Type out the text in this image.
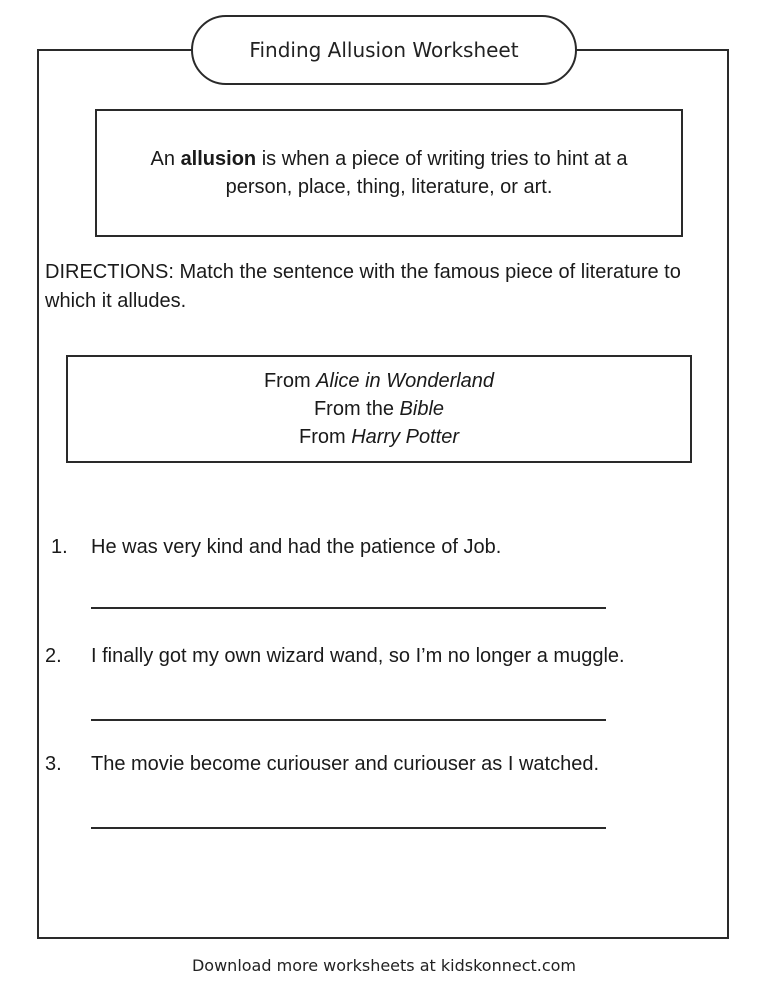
Finding Allusion Worksheet
An allusion is when a piece of writing tries to hint at a
person, place, thing, literature, or art.
DIRECTIONS: Match the sentence with the famous piece of literature to which it alludes.
From Alice in Wonderland
From the Bible
From Harry Potter
1. He was very kind and had the patience of Job.
2. I finally got my own wizard wand, so I’m no longer a muggle.
3. The movie become curiouser and curiouser as I watched.
Download more worksheets at kidskonnect.com
